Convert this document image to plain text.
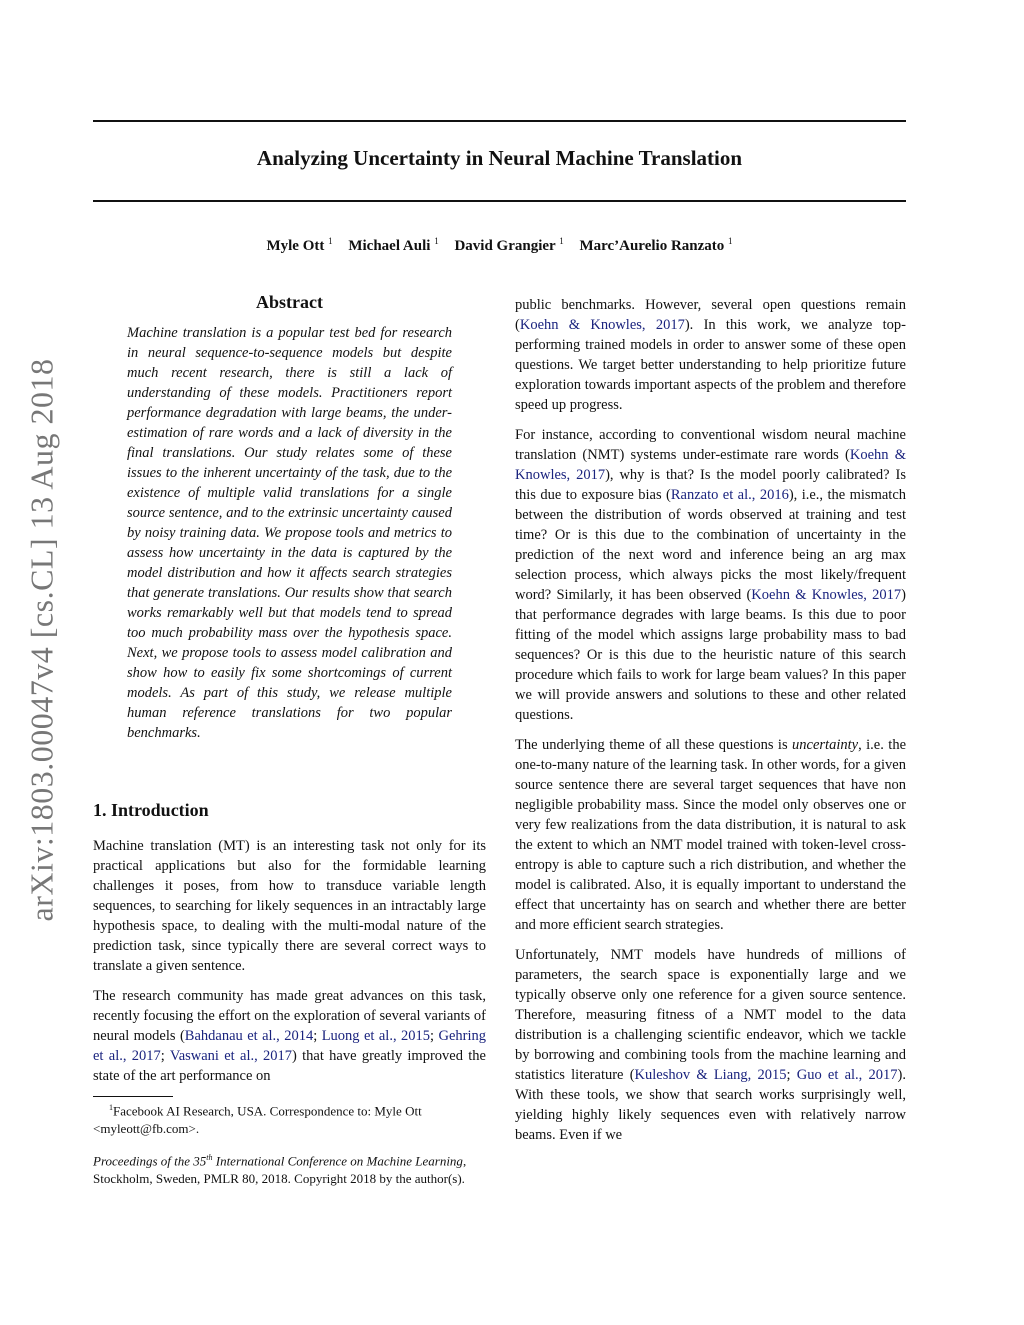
Analyzing Uncertainty in Neural Machine Translation
Myle Ott $^1$ Michael Auli $^1$ David Grangier $^1$ Marc’Aurelio Ranzato $^1$
arXiv:1803.00047v4 [cs.CL] 13 Aug 2018
Abstract
Machine translation is a popular test bed for research in neural sequence-to-sequence models but despite much recent research, there is still a lack of understanding of these models. Practitioners report performance degradation with large beams, the under-estimation of rare words and a lack of diversity in the final translations. Our study relates some of these issues to the inherent uncertainty of the task, due to the existence of multiple valid translations for a single source sentence, and to the extrinsic uncertainty caused by noisy training data. We propose tools and metrics to assess how uncertainty in the data is captured by the model distribution and how it affects search strategies that generate translations. Our results show that search works remarkably well but that models tend to spread too much probability mass over the hypothesis space. Next, we propose tools to assess model calibration and show how to easily fix some shortcomings of current models. As part of this study, we release multiple human reference translations for two popular benchmarks.
1. Introduction

Machine translation (MT) is an interesting task not only for its practical applications but also for the formidable learning challenges it poses, from how to transduce variable length sequences, to searching for likely sequences in an intractably large hypothesis space, to dealing with the multi-modal nature of the prediction task, since typically there are several correct ways to translate a given sentence.

The research community has made great advances on this task, recently focusing the effort on the exploration of several variants of neural models (Bahdanau et al., 2014; Luong et al., 2015; Gehring et al., 2017; Vaswani et al., 2017) that have greatly improved the state of the art performance on

$^1$Facebook AI Research, USA. Correspondence to: Myle Ott <myleott@fb.com>.
Proceedings of the 35th International Conference on Machine Learning, Stockholm, Sweden, PMLR 80, 2018. Copyright 2018 by the author(s).

public benchmarks. However, several open questions remain (Koehn & Knowles, 2017). In this work, we analyze top-performing trained models in order to answer some of these open questions. We target better understanding to help prioritize future exploration towards important aspects of the problem and therefore speed up progress.

For instance, according to conventional wisdom neural machine translation (NMT) systems under-estimate rare words (Koehn & Knowles, 2017), why is that? Is the model poorly calibrated? Is this due to exposure bias (Ranzato et al., 2016), i.e., the mismatch between the distribution of words observed at training and test time? Or is this due to the combination of uncertainty in the prediction of the next word and inference being an arg max selection process, which always picks the most likely/frequent word? Similarly, it has been observed (Koehn & Knowles, 2017) that performance degrades with large beams. Is this due to poor fitting of the model which assigns large probability mass to bad sequences? Or is this due to the heuristic nature of this search procedure which fails to work for large beam values? In this paper we will provide answers and solutions to these and other related questions.

The underlying theme of all these questions is uncertainty, i.e. the one-to-many nature of the learning task. In other words, for a given source sentence there are several target sequences that have non negligible probability mass. Since the model only observes one or very few realizations from the data distribution, it is natural to ask the extent to which an NMT model trained with token-level cross-entropy is able to capture such a rich distribution, and whether the model is calibrated. Also, it is equally important to understand the effect that uncertainty has on search and whether there are better and more efficient search strategies.

Unfortunately, NMT models have hundreds of millions of parameters, the search space is exponentially large and we typically observe only one reference for a given source sentence. Therefore, measuring fitness of a NMT model to the data distribution is a challenging scientific endeavor, which we tackle by borrowing and combining tools from the machine learning and statistics literature (Kuleshov & Liang, 2015; Guo et al., 2017). With these tools, we show that search works surprisingly well, yielding highly likely sequences even with relatively narrow beams. Even if we
